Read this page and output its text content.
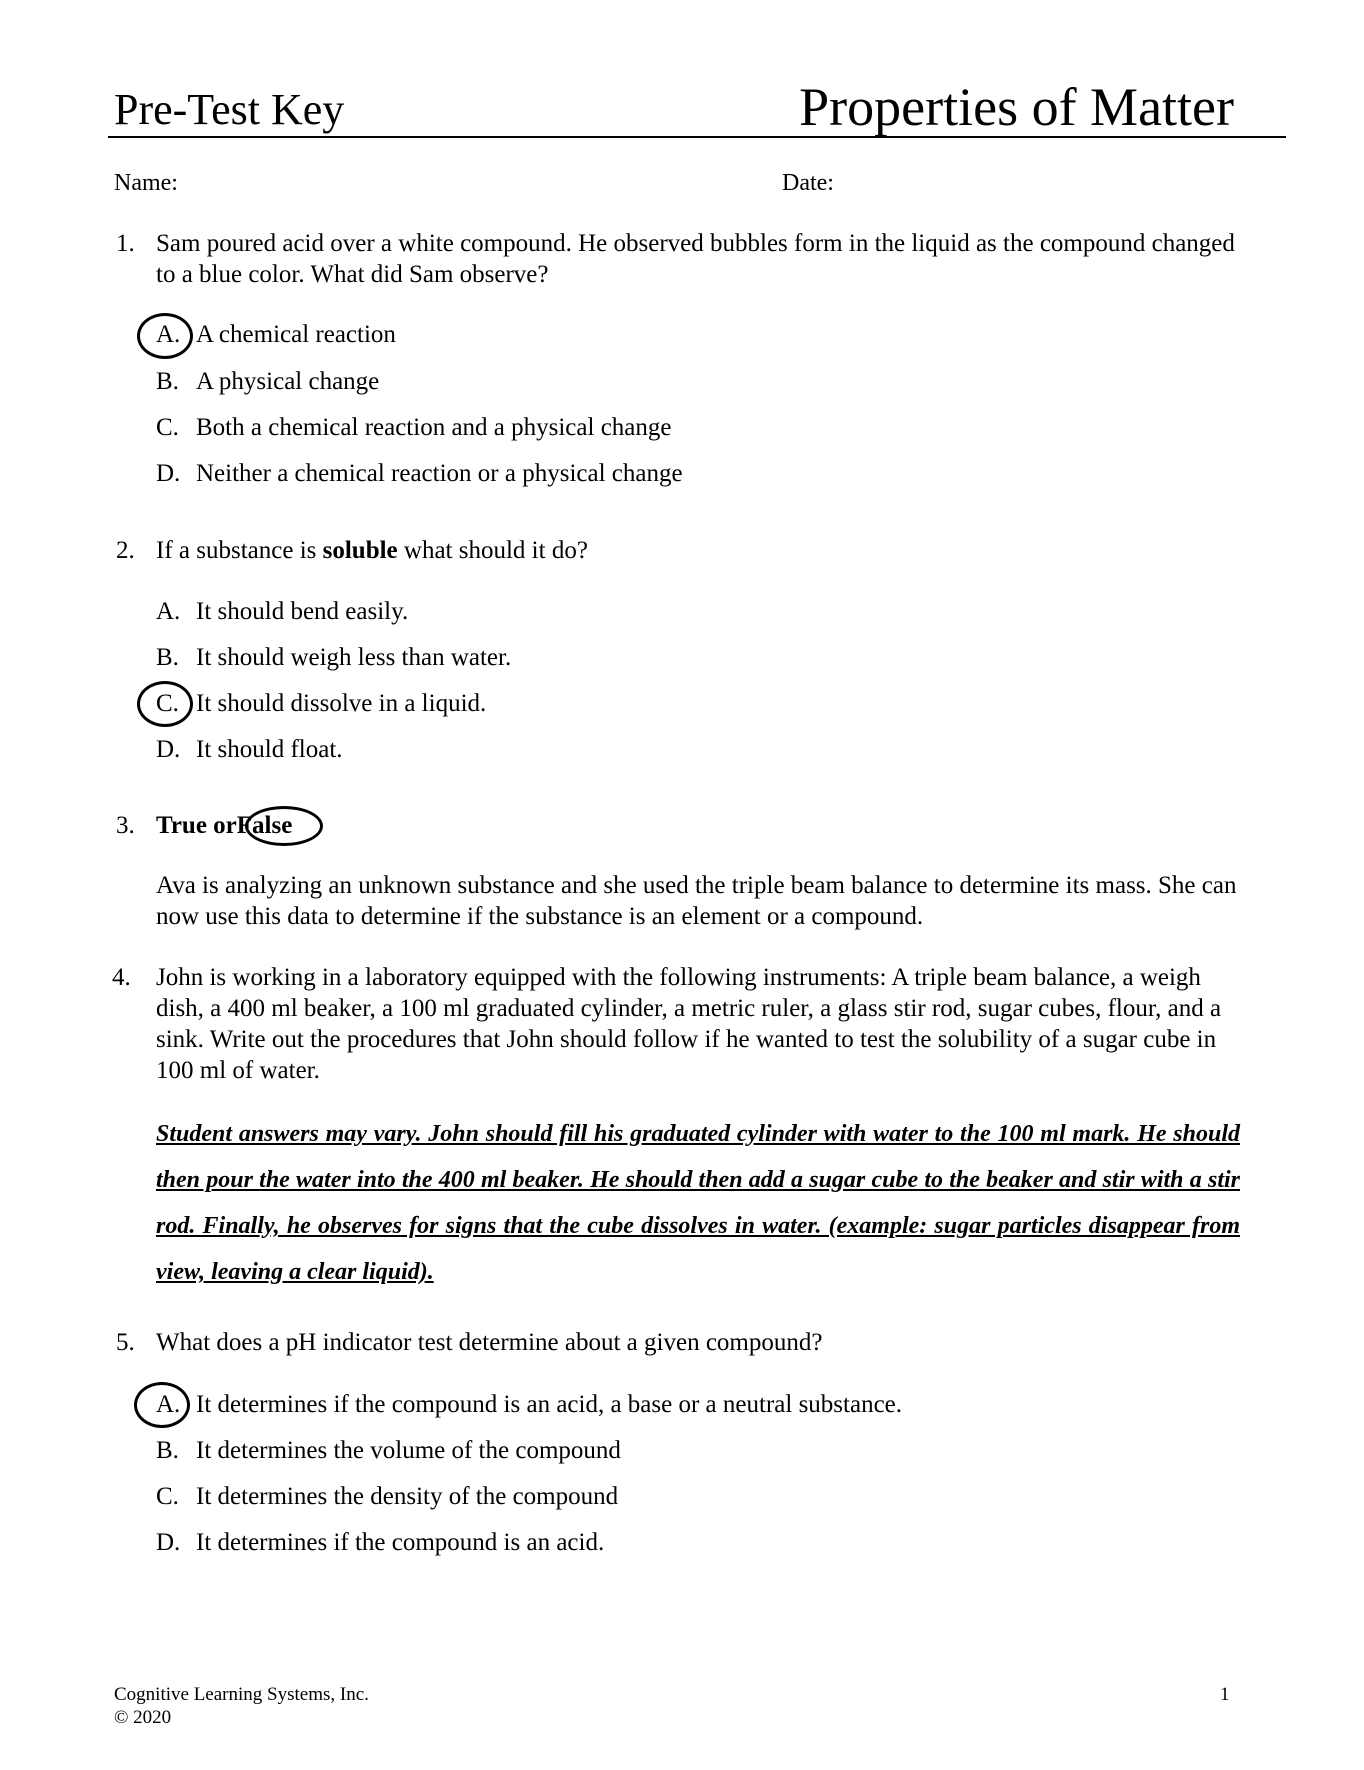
Pre-Test Key	Properties of Matter
Name:	Date:
1. Sam poured acid over a white compound. He observed bubbles form in the liquid as the compound changed to a blue color. What did Sam observe?
A. A chemical reaction
B. A physical change
C. Both a chemical reaction and a physical change
D. Neither a chemical reaction or a physical change
2. If a substance is soluble what should it do?
A. It should bend easily.
B. It should weigh less than water.
C. It should dissolve in a liquid.
D. It should float.
3. True orFalse
Ava is analyzing an unknown substance and she used the triple beam balance to determine its mass. She can now use this data to determine if the substance is an element or a compound.
4. John is working in a laboratory equipped with the following instruments: A triple beam balance, a weigh dish, a 400 ml beaker, a 100 ml graduated cylinder, a metric ruler, a glass stir rod, sugar cubes, flour, and a sink. Write out the procedures that John should follow if he wanted to test the solubility of a sugar cube in 100 ml of water.
Student answers may vary. John should fill his graduated cylinder with water to the 100 ml mark. He should then pour the water into the 400 ml beaker. He should then add a sugar cube to the beaker and stir with a stir rod. Finally, he observes for signs that the cube dissolves in water. (example: sugar particles disappear from view, leaving a clear liquid).
5. What does a pH indicator test determine about a given compound?
A. It determines if the compound is an acid, a base or a neutral substance.
B. It determines the volume of the compound
C. It determines the density of the compound
D. It determines if the compound is an acid.
Cognitive Learning Systems, Inc.
© 2020
1
